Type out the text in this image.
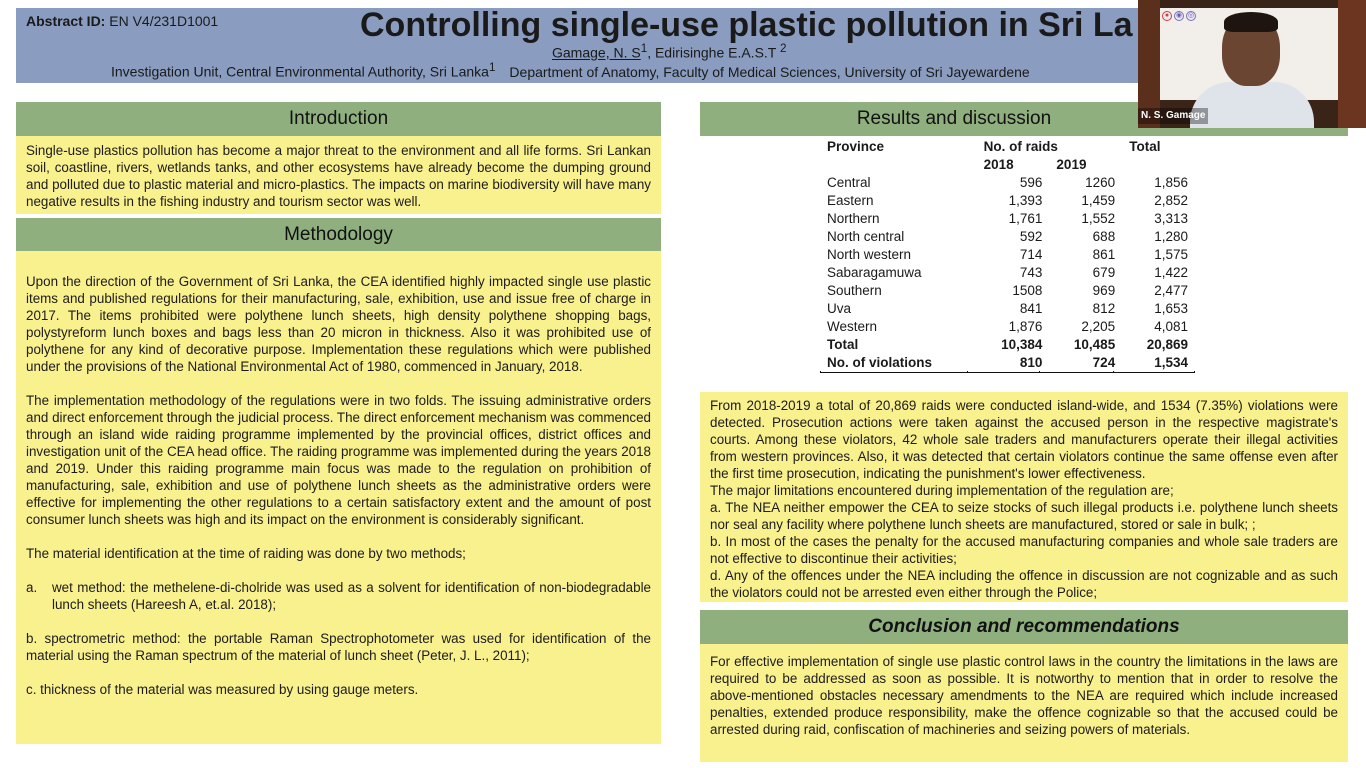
Abstract ID: EN V4/231D1001	Controlling single-use plastic pollution in Sri La
Gamage, N. $S^1$, Edirisinghe E.A.S.T $^2$
Investigation Unit, Central Environmental Authority, Sri Lanka$^1$ Department of Anatomy, Faculty of Medical Sciences, University of Sri Jayewardene
Introduction

Single-use plastics pollution has become a major threat to the environment and all life forms. Sri Lankan soil, coastline, rivers, wetlands tanks, and other ecosystems have already become the dumping ground and polluted due to plastic material and micro-plastics. The impacts on marine biodiversity will have many negative results in the fishing industry and tourism sector was well.

Methodology

Upon the direction of the Government of Sri Lanka, the CEA identified highly impacted single use plastic items and published regulations for their manufacturing, sale, exhibition, use and issue free of charge in 2017. The items prohibited were polythene lunch sheets, high density polythene shopping bags, polystyreform lunch boxes and bags less than 20 micron in thickness. Also it was prohibited use of polythene for any kind of decorative purpose. Implementation these regulations which were published under the provisions of the National Environmental Act of 1980, commenced in January, 2018.

The implementation methodology of the regulations were in two folds. The issuing administrative orders and direct enforcement through the judicial process. The direct enforcement mechanism was commenced through an island wide raiding programme implemented by the provincial offices, district offices and investigation unit of the CEA head office. The raiding programme was implemented during the years 2018 and 2019. Under this raiding programme main focus was made to the regulation on prohibition of manufacturing, sale, exhibition and use of polythene lunch sheets as the administrative orders were effective for implementing the other regulations to a certain satisfactory extent and the amount of post consumer lunch sheets was high and its impact on the environment is considerably significant.

The material identification at the time of raiding was done by two methods;

a.	wet method: the methelene-di-cholride was used as a solvent for identification of non-biodegradable lunch sheets (Hareesh A, et.al. 2018);

b. spectrometric method: the portable Raman Spectrophotometer was used for identification of the material using the Raman spectrum of the material of lunch sheet (Peter, J. L., 2011);

c. thickness of the material was measured by using gauge meters.

Results and discussion
Province	No. of raids		Total
	2018	2019	
Central	596	1260	1,856
Eastern	1,393	1,459	2,852
Northern	1,761	1,552	3,313
North central	592	688	1,280
North western	714	861	1,575
Sabaragamuwa	743	679	1,422
Southern	1508	969	2,477
Uva	841	812	1,653
Western	1,876	2,205	4,081
Total	10,384	10,485	20,869
No. of violations	810	724	1,534

From 2018-2019 a total of 20,869 raids were conducted island-wide, and 1534 (7.35%) violations were detected. Prosecution actions were taken against the accused person in the respective magistrate's courts. Among these violators, 42 whole sale traders and manufacturers operate their illegal activities from western provinces. Also, it was detected that certain violators continue the same offense even after the first time prosecution, indicating the punishment's lower effectiveness.

The major limitations encountered during implementation of the regulation are;

a. The NEA neither empower the CEA to seize stocks of such illegal products i.e. polythene lunch sheets nor seal any facility where polythene lunch sheets are manufactured, stored or sale in bulk; ;

b. In most of the cases the penalty for the accused manufacturing companies and whole sale traders are not effective to discontinue their activities;

d. Any of the offences under the NEA including the offence in discussion are not cognizable and as such the violators could not be arrested even either through the Police;

Conclusion and recommendations

For effective implementation of single use plastic control laws in the country the limitations in the laws are required to be addressed as soon as possible. It is notworthy to mention that in order to resolve the above-mentioned obstacles necessary amendments to the NEA are required which include increased penalties, extended produce responsibility, make the offence cognizable so that the accused could be arrested during raid, confiscation of machineries and seizing powers of materials.

● ◉ ◎
N. S. Gamage
